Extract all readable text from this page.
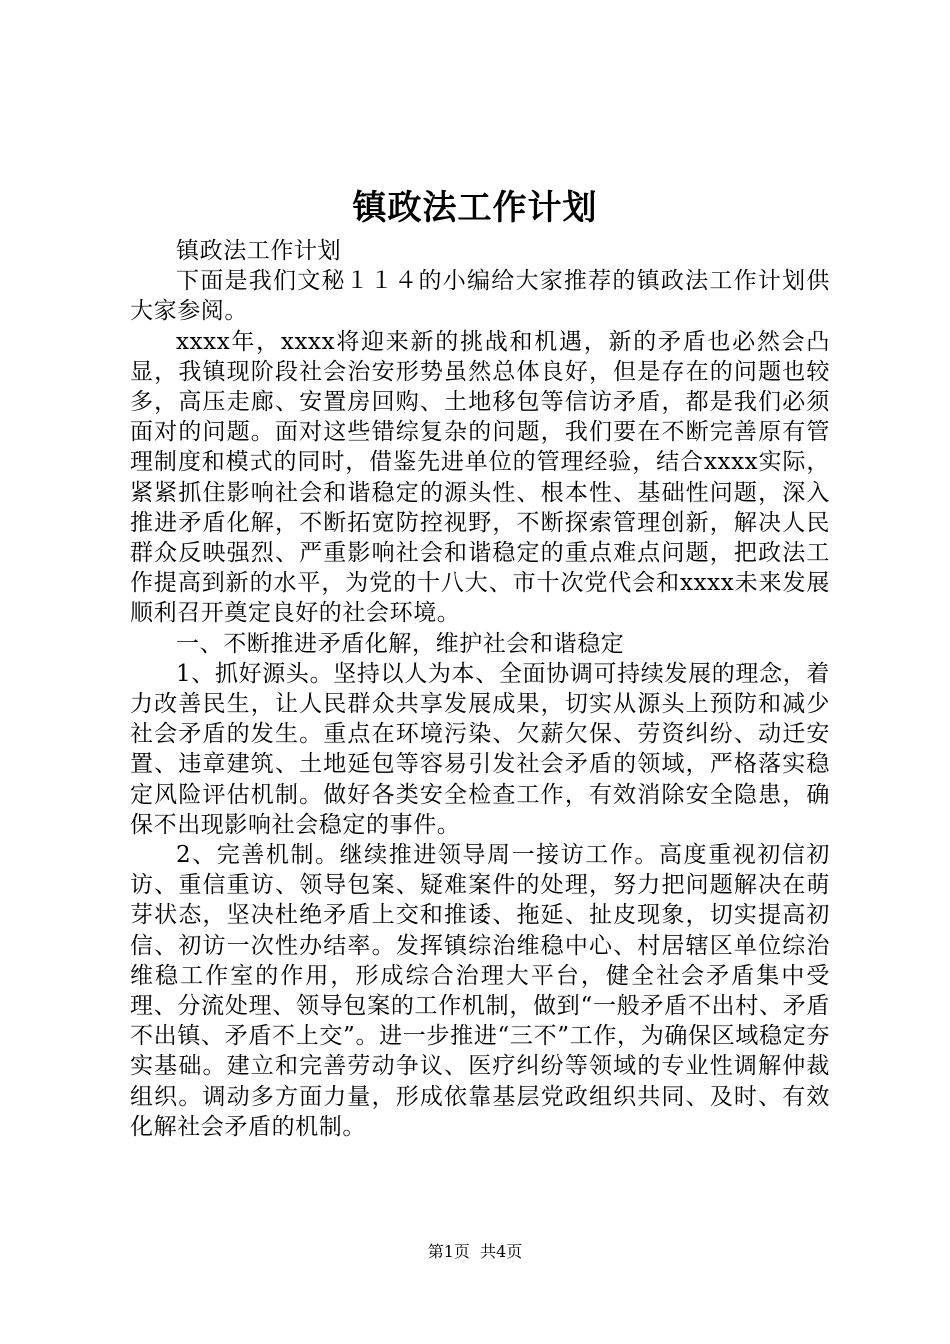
镇政法工作计划

镇政法工作计划

下面是我们文秘１１４的小编给大家推荐的镇政法工作计划供大家参阅。

xxxx年，xxxx将迎来新的挑战和机遇，新的矛盾也必然会凸显，我镇现阶段社会治安形势虽然总体良好，但是存在的问题也较多，高压走廊、安置房回购、土地移包等信访矛盾，都是我们必须面对的问题。面对这些错综复杂的问题，我们要在不断完善原有管理制度和模式的同时，借鉴先进单位的管理经验，结合xxxx实际，紧紧抓住影响社会和谐稳定的源头性、根本性、基础性问题，深入推进矛盾化解，不断拓宽防控视野，不断探索管理创新，解决人民群众反映强烈、严重影响社会和谐稳定的重点难点问题，把政法工作提高到新的水平，为党的十八大、市十次党代会和xxxx未来发展顺利召开奠定良好的社会环境。

一、不断推进矛盾化解，维护社会和谐稳定

1、抓好源头。坚持以人为本、全面协调可持续发展的理念，着力改善民生，让人民群众共享发展成果，切实从源头上预防和减少社会矛盾的发生。重点在环境污染、欠薪欠保、劳资纠纷、动迁安置、违章建筑、土地延包等容易引发社会矛盾的领域，严格落实稳定风险评估机制。做好各类安全检查工作，有效消除安全隐患，确保不出现影响社会稳定的事件。

2、完善机制。继续推进领导周一接访工作。高度重视初信初访、重信重访、领导包案、疑难案件的处理，努力把问题解决在萌芽状态，坚决杜绝矛盾上交和推诿、拖延、扯皮现象，切实提高初信、初访一次性办结率。发挥镇综治维稳中心、村居辖区单位综治维稳工作室的作用，形成综合治理大平台，健全社会矛盾集中受理、分流处理、领导包案的工作机制，做到“一般矛盾不出村、矛盾不出镇、矛盾不上交”。进一步推进“三不”工作，为确保区域稳定夯实基础。建立和完善劳动争议、医疗纠纷等领域的专业性调解仲裁组织。调动多方面力量，形成依靠基层党政组织共同、及时、有效化解社会矛盾的机制。

第1页 共4页
